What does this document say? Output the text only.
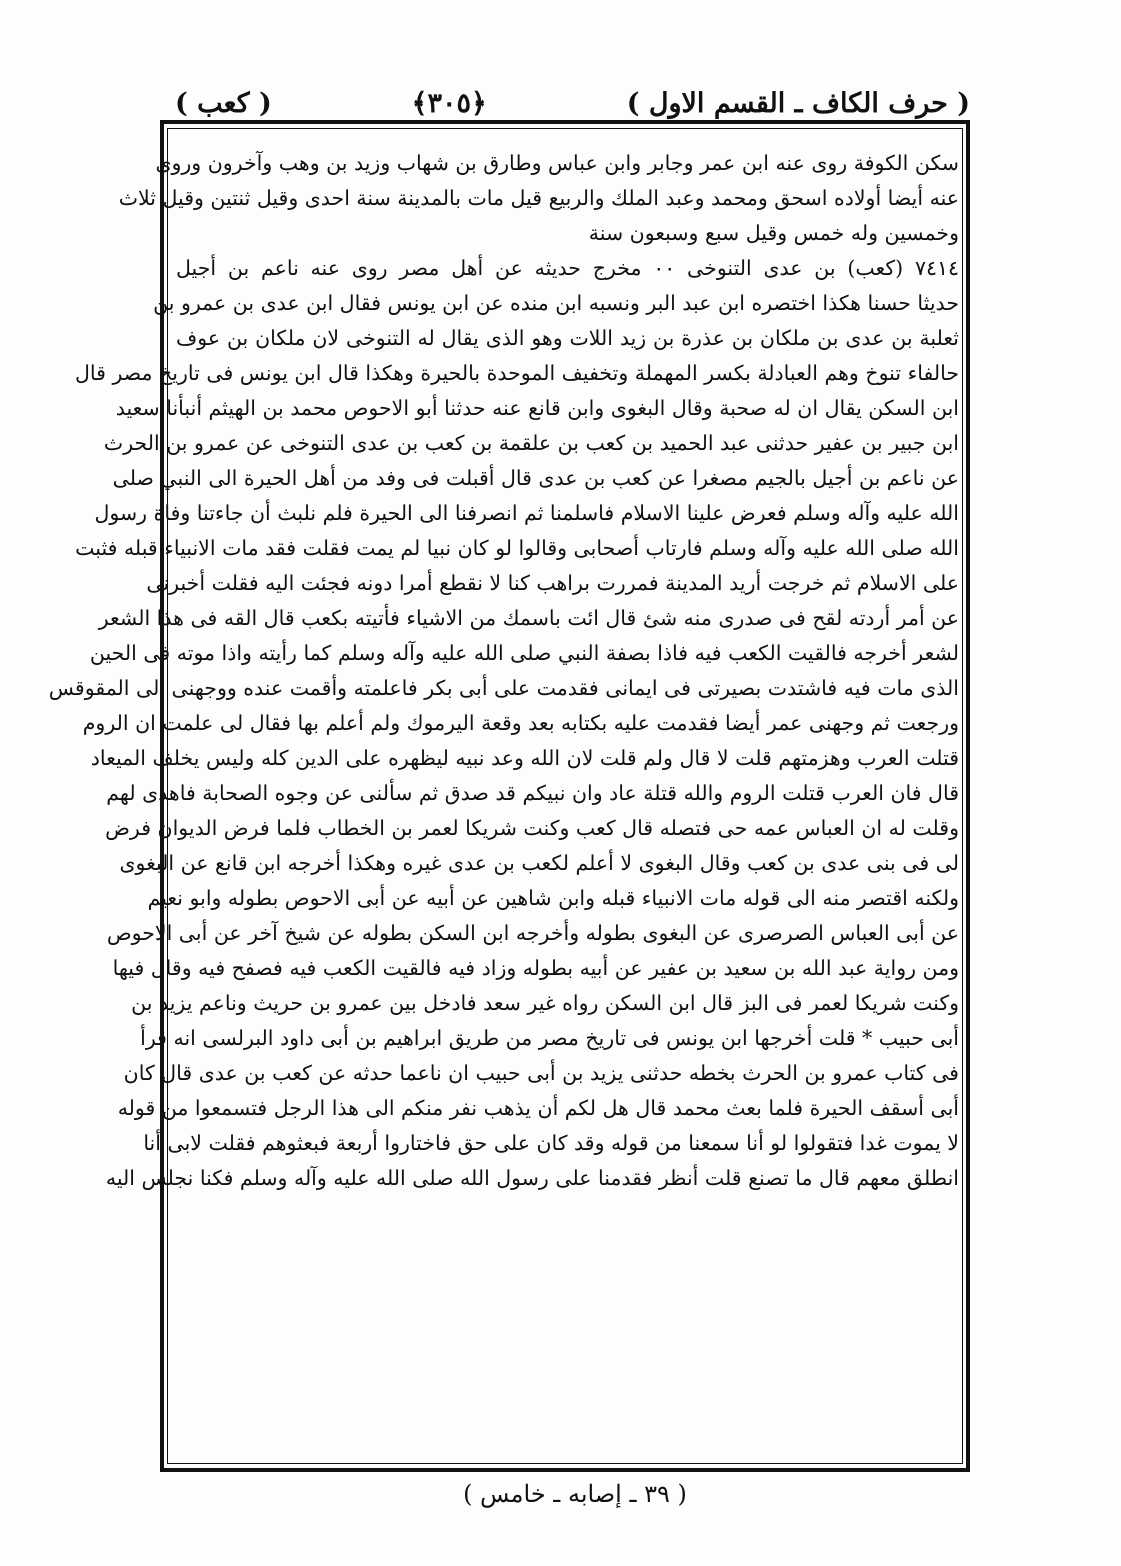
( حرف الكاف ـ القسم الاول )
﴿٣٠٥﴾
( كعب )
سكن الكوفة روى عنه ابن عمر وجابر وابن عباس وطارق بن شهاب وزيد بن وهب وآخرون وروى
عنه أيضا أولاده اسحق ومحمد وعبد الملك والربيع قيل مات بالمدينة سنة احدى وقيل ثنتين وقيل ثلاث
وخمسين وله خمس وقيل سبع وسبعون سنة
٧٤١٤ (كعب) بن عدى التنوخى ٠٠ مخرج حديثه عن أهل مصر روى عنه ناعم بن أجيل
حديثا حسنا هكذا اختصره ابن عبد البر ونسبه ابن منده عن ابن يونس فقال ابن عدى بن عمرو بن
ثعلبة بن عدى بن ملكان بن عذرة بن زيد اللات وهو الذى يقال له التنوخى لان ملكان بن عوف
حالفاء تنوخ وهم العبادلة بكسر المهملة وتخفيف الموحدة بالحيرة وهكذا قال ابن يونس فى تاريخ مصر قال
ابن السكن يقال ان له صحبة وقال البغوى وابن قانع عنه حدثنا أبو الاحوص محمد بن الهيثم أنبأنا سعيد
ابن جبير بن عفير حدثنى عبد الحميد بن كعب بن علقمة بن كعب بن عدى التنوخى عن عمرو بن الحرث
عن ناعم بن أجيل بالجيم مصغرا عن كعب بن عدى قال أقبلت فى وفد من أهل الحيرة الى النبي صلى
الله عليه وآله وسلم فعرض علينا الاسلام فاسلمنا ثم انصرفنا الى الحيرة فلم نلبث أن جاءتنا وفاة رسول
الله صلى الله عليه وآله وسلم فارتاب أصحابى وقالوا لو كان نبيا لم يمت فقلت فقد مات الانبياء قبله فثبت
على الاسلام ثم خرجت أريد المدينة فمررت براهب كنا لا نقطع أمرا دونه فجئت اليه فقلت أخبرنى
عن أمر أردته لقح فى صدرى منه شئ قال ائت باسمك من الاشياء فأتيته بكعب قال القه فى هذا الشعر
لشعر أخرجه فالقيت الكعب فيه فاذا بصفة النبي صلى الله عليه وآله وسلم كما رأيته واذا موته فى الحين
الذى مات فيه فاشتدت بصيرتى فى ايمانى فقدمت على أبى بكر فاعلمته وأقمت عنده ووجهنى الى المقوقس
ورجعت ثم وجهنى عمر أيضا فقدمت عليه بكتابه بعد وقعة اليرموك ولم أعلم بها فقال لى علمت ان الروم
قتلت العرب وهزمتهم قلت لا قال ولم قلت لان الله وعد نبيه ليظهره على الدين كله وليس يخلف الميعاد
قال فان العرب قتلت الروم والله قتلة عاد وان نبيكم قد صدق ثم سألنى عن وجوه الصحابة فاهدى لهم
وقلت له ان العباس عمه حى فتصله قال كعب وكنت شريكا لعمر بن الخطاب فلما فرض الديوان فرض
لى فى بنى عدى بن كعب وقال البغوى لا أعلم لكعب بن عدى غيره وهكذا أخرجه ابن قانع عن البغوى
ولكنه اقتصر منه الى قوله مات الانبياء قبله وابن شاهين عن أبيه عن أبى الاحوص بطوله وابو نعيم
عن أبى العباس الصرصرى عن البغوى بطوله وأخرجه ابن السكن بطوله عن شيخ آخر عن أبى الاحوص
ومن رواية عبد الله بن سعيد بن عفير عن أبيه بطوله وزاد فيه فالقيت الكعب فيه فصفح فيه وقال فيها
وكنت شريكا لعمر فى البز قال ابن السكن رواه غير سعد فادخل بين عمرو بن حريث وناعم يزيد بن
أبى حبيب * قلت أخرجها ابن يونس فى تاريخ مصر من طريق ابراهيم بن أبى داود البرلسى انه قرأ
فى كتاب عمرو بن الحرث بخطه حدثنى يزيد بن أبى حبيب ان ناعما حدثه عن كعب بن عدى قال كان
أبى أسقف الحيرة فلما بعث محمد قال هل لكم أن يذهب نفر منكم الى هذا الرجل فتسمعوا من قوله
لا يموت غدا فتقولوا لو أنا سمعنا من قوله وقد كان على حق فاختاروا أربعة فبعثوهم فقلت لابى أنا
انطلق معهم قال ما تصنع قلت أنظر فقدمنا على رسول الله صلى الله عليه وآله وسلم فكنا نجلس اليه
( ٣٩ ـ إصابه ـ خامس )
